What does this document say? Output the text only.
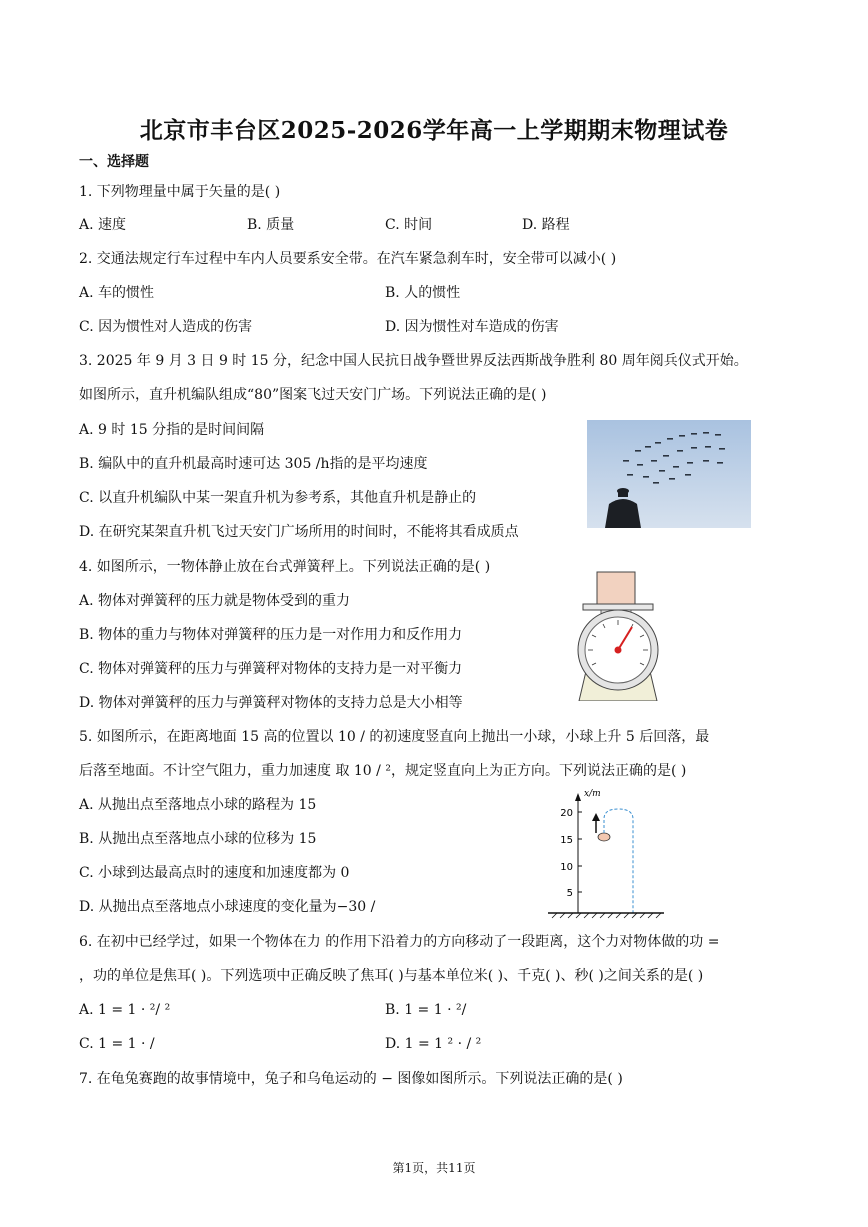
北京市丰台区2025-2026学年高一上学期期末物理试卷
一、选择题
1. 下列物理量中属于矢量的是( )
A. 速度	B. 质量	C. 时间	D. 路程
2. 交通法规定行车过程中车内人员要系安全带。在汽车紧急刹车时，安全带可以减小( )
A. 车的惯性	B. 人的惯性
C. 因为惯性对人造成的伤害	D. 因为惯性对车造成的伤害
3. 2025 年 9 月 3 日 9 时 15 分，纪念中国人民抗日战争暨世界反法西斯战争胜利 80 周年阅兵仪式开始。
如图所示，直升机编队组成“80”图案飞过天安门广场。下列说法正确的是( )
A. 9 时 15 分指的是时间间隔
B. 编队中的直升机最高时速可达 305 /h指的是平均速度
C. 以直升机编队中某一架直升机为参考系，其他直升机是静止的
D. 在研究某架直升机飞过天安门广场所用的时间时，不能将其看成质点
4. 如图所示，一物体静止放在台式弹簧秤上。下列说法正确的是( )
A. 物体对弹簧秤的压力就是物体受到的重力
B. 物体的重力与物体对弹簧秤的压力是一对作用力和反作用力
C. 物体对弹簧秤的压力与弹簧秤对物体的支持力是一对平衡力
D. 物体对弹簧秤的压力与弹簧秤对物体的支持力总是大小相等
5. 如图所示，在距离地面 15 高的位置以 10 / 的初速度竖直向上抛出一小球，小球上升 5 后回落，最
后落至地面。不计空气阻力，重力加速度 取 10 / ²，规定竖直向上为正方向。下列说法正确的是( )
A. 从抛出点至落地点小球的路程为 15
B. 从抛出点至落地点小球的位移为 15
C. 小球到达最高点时的速度和加速度都为 0
D. 从抛出点至落地点小球速度的变化量为−30 /
x/m
20
15
10
5
6. 在初中已经学过，如果一个物体在力 的作用下沿着力的方向移动了一段距离，这个力对物体做的功 =
，功的单位是焦耳( )。下列选项中正确反映了焦耳( )与基本单位米( )、千克( )、秒( )之间关系的是( )
A. 1 = 1 · ²/ ²	B. 1 = 1 · ²/
C. 1 = 1 · /	D. 1 = 1 ² · / ²
7. 在龟兔赛跑的故事情境中，兔子和乌龟运动的 − 图像如图所示。下列说法正确的是( )
第1页，共11页
